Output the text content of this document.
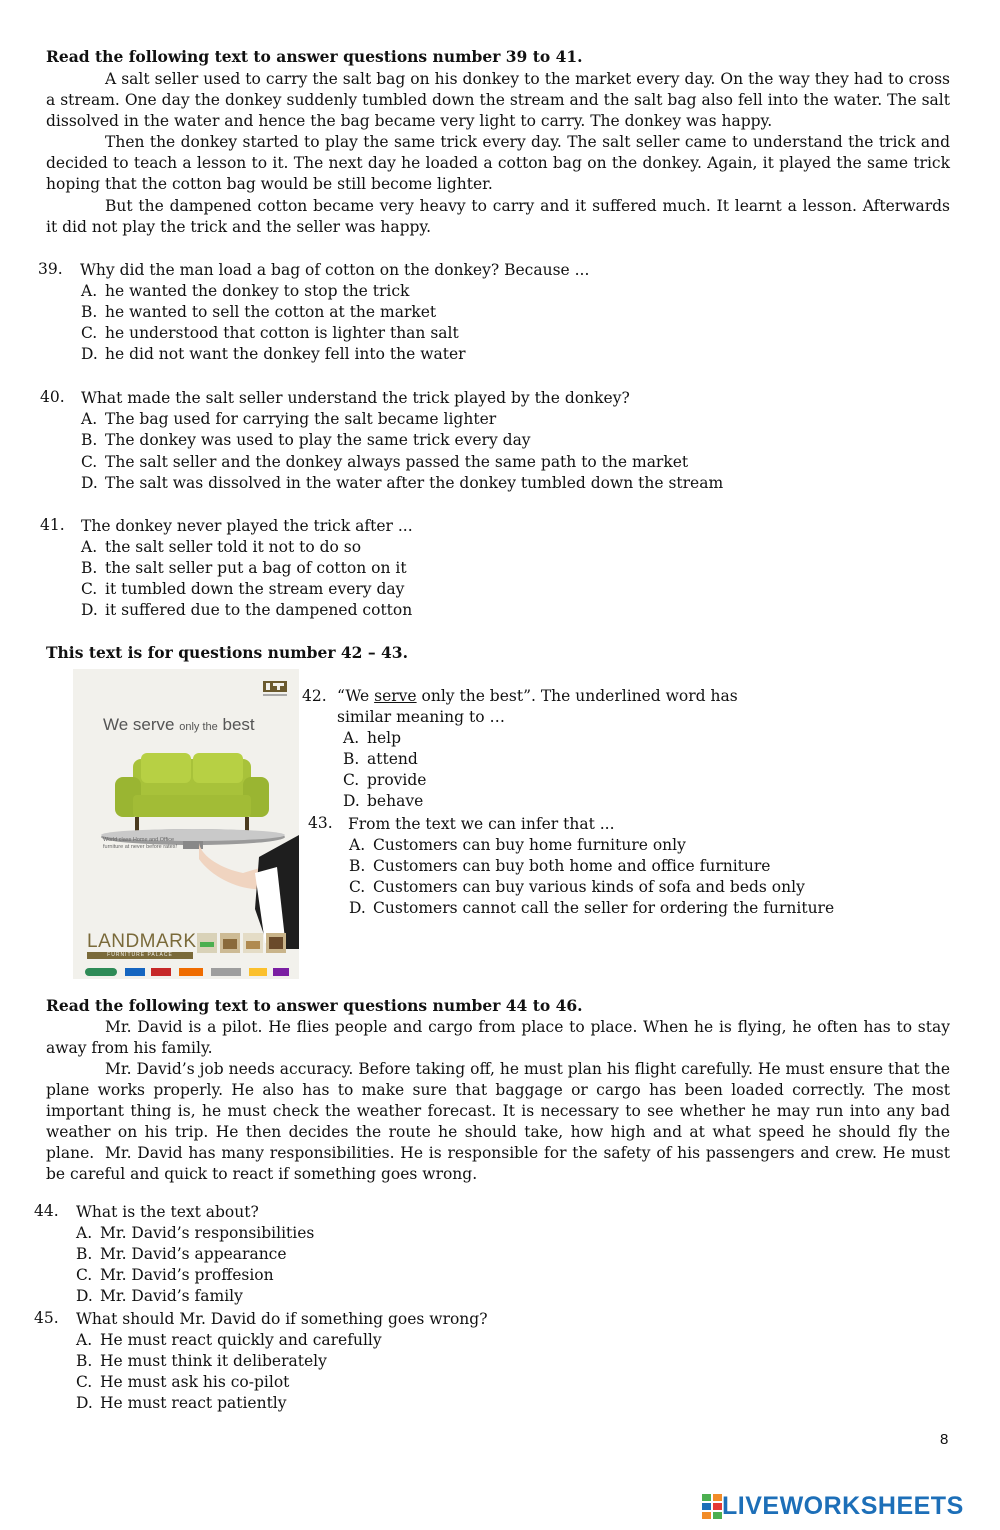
Read the following text to answer questions number 39 to 41.
A salt seller used to carry the salt bag on his donkey to the market every day. On the way they had to cross a stream. One day the donkey suddenly tumbled down the stream and the salt bag also fell into the water. The salt dissolved in the water and hence the bag became very light to carry. The donkey was happy.
Then the donkey started to play the same trick every day. The salt seller came to understand the trick and decided to teach a lesson to it. The next day he loaded a cotton bag on the donkey. Again, it played the same trick hoping that the cotton bag would be still become lighter.
But the dampened cotton became very heavy to carry and it suffered much. It learnt a lesson. Afterwards it did not play the trick and the seller was happy.
39. Why did the man load a bag of cotton on the donkey? Because ...
A. he wanted the donkey to stop the trick
B. he wanted to sell the cotton at the market
C. he understood that cotton is lighter than salt
D. he did not want the donkey fell into the water
40. What made the salt seller understand the trick played by the donkey?
A. The bag used for carrying the salt became lighter
B. The donkey was used to play the same trick every day
C. The salt seller and the donkey always passed the same path to the market
D. The salt was dissolved in the water after the donkey tumbled down the stream
41. The donkey never played the trick after ...
A. the salt seller told it not to do so
B. the salt seller put a bag of cotton on it
C. it tumbled down the stream every day
D. it suffered due to the dampened cotton
This text is for questions number 42 – 43.
We serve only the best
World class Home and Office furniture at never before rates!
LANDMARK
FURNITURE PALACE
42. “We serve only the best”. The underlined word has
similar meaning to …
A. help
B. attend
C. provide
D. behave
43. From the text we can infer that ...
A. Customers can buy home furniture only
B. Customers can buy both home and office furniture
C. Customers can buy various kinds of sofa and beds only
D. Customers cannot call the seller for ordering the furniture
Read the following text to answer questions number 44 to 46.
Mr. David is a pilot. He flies people and cargo from place to place. When he is flying, he often has to stay away from his family.
Mr. David’s job needs accuracy. Before taking off, he must plan his flight carefully. He must ensure that the plane works properly. He also has to make sure that baggage or cargo has been loaded correctly. The most important thing is, he must check the weather forecast. It is necessary to see whether he may run into any bad weather on his trip. He then decides the route he should take, how high and at what speed he should fly the plane. Mr. David has many responsibilities. He is responsible for the safety of his passengers and crew. He must be careful and quick to react if something goes wrong.
44. What is the text about?
A. Mr. David’s responsibilities
B. Mr. David’s appearance
C. Mr. David’s proffesion
D. Mr. David’s family
45. What should Mr. David do if something goes wrong?
A. He must react quickly and carefully
B. He must think it deliberately
C. He must ask his co-pilot
D. He must react patiently
8
LIVEWORKSHEETS
